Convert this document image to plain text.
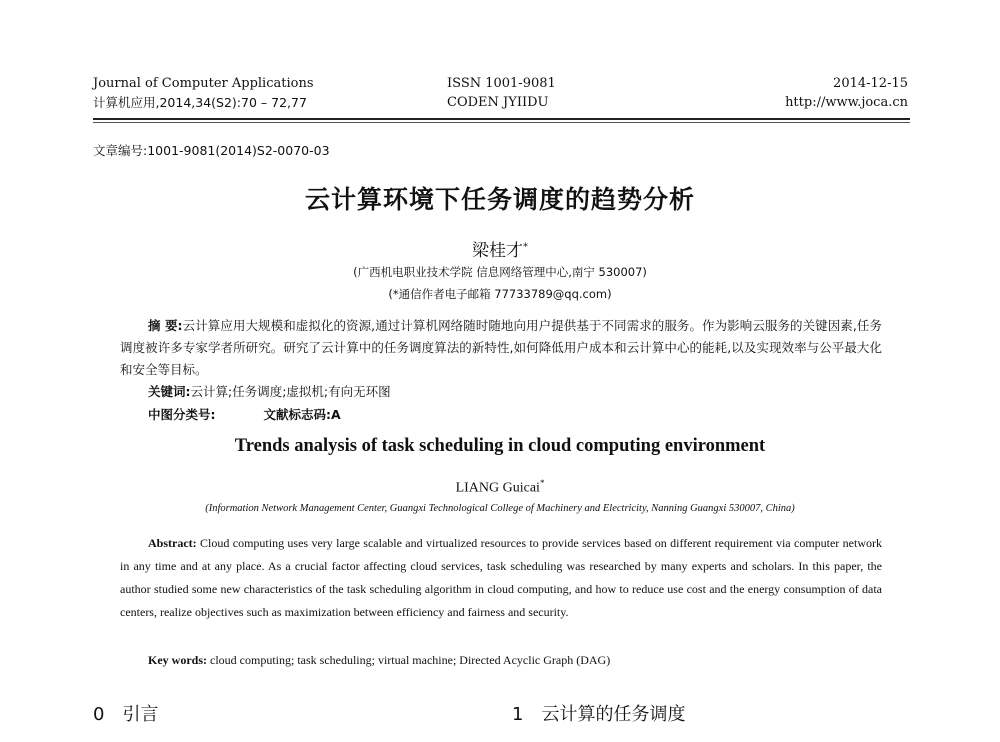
Journal of Computer Applications
计算机应用,2014,34(S2):70 – 72,77
ISSN 1001-9081
CODEN JYIIDU
2014-12-15
http://www.joca.cn
文章编号:1001-9081(2014)S2-0070-03
云计算环境下任务调度的趋势分析
梁桂才*
(广西机电职业技术学院 信息网络管理中心,南宁 530007)
(*通信作者电子邮箱 77733789@qq.com)
摘 要:云计算应用大规模和虚拟化的资源,通过计算机网络随时随地向用户提供基于不同需求的服务。作为影响云服务的关键因素,任务调度被许多专家学者所研究。研究了云计算中的任务调度算法的新特性,如何降低用户成本和云计算中心的能耗,以及实现效率与公平最大化和安全等目标。
关键词:云计算;任务调度;虚拟机;有向无环图
中图分类号:	文献标志码:A
Trends analysis of task scheduling in cloud computing environment
LIANG Guicai*
(Information Network Management Center, Guangxi Technological College of Machinery and Electricity, Nanning Guangxi 530007, China)
Abstract: Cloud computing uses very large scalable and virtualized resources to provide services based on different requirement via computer network in any time and at any place. As a crucial factor affecting cloud services, task scheduling was researched by many experts and scholars. In this paper, the author studied some new characteristics of the task scheduling algorithm in cloud computing, and how to reduce use cost and the energy consumption of data centers, realize objectives such as maximization between efficiency and fairness and security.
Key words: cloud computing; task scheduling; virtual machine; Directed Acyclic Graph (DAG)
0 引言	1 云计算的任务调度
